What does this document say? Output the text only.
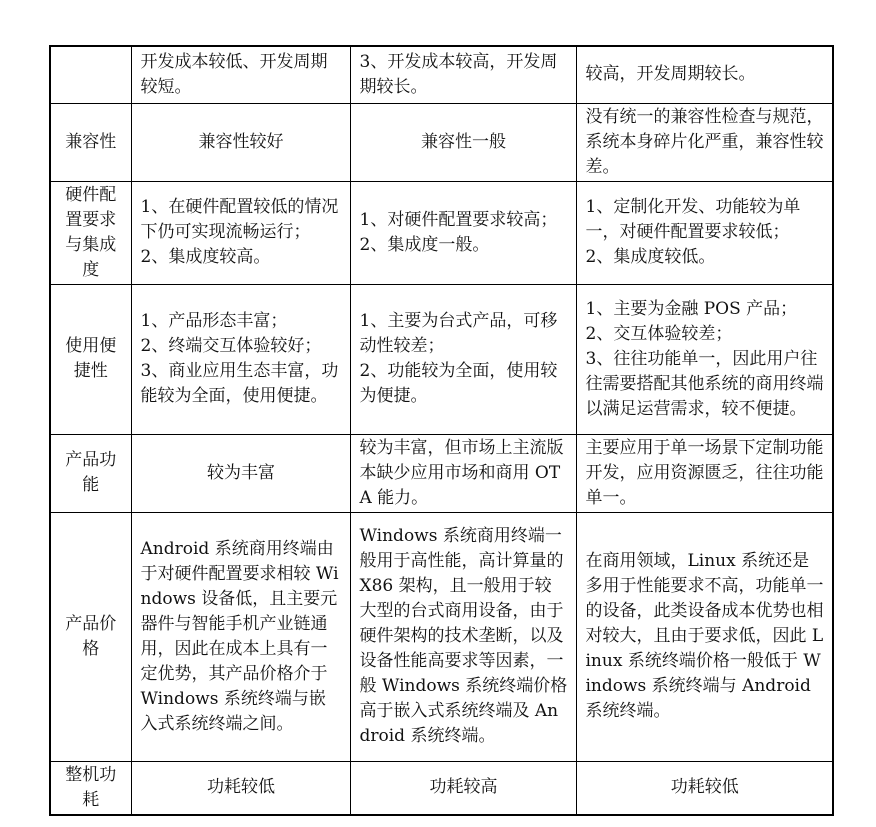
	开发成本较低、开发周期较短。	3、开发成本较高，开发周期较长。	较高，开发周期较长。
兼容性	兼容性较好	兼容性一般	没有统一的兼容性检查与规范，系统本身碎片化严重，兼容性较差。
硬件配置要求与集成度	1、在硬件配置较低的情况下仍可实现流畅运行；
2、集成度较高。	1、对硬件配置要求较高；
2、集成度一般。	1、定制化开发、功能较为单一，对硬件配置要求较低；
2、集成度较低。
使用便捷性	1、产品形态丰富；
2、终端交互体验较好；
3、商业应用生态丰富，功能较为全面，使用便捷。	1、主要为台式产品，可移动性较差；
2、功能较为全面，使用较为便捷。	1、主要为金融 POS 产品；
2、交互体验较差；
3、往往功能单一，因此用户往往需要搭配其他系统的商用终端以满足运营需求，较不便捷。
产品功能	较为丰富	较为丰富，但市场上主流版本缺少应用市场和商用 OTA 能力。	主要应用于单一场景下定制功能开发，应用资源匮乏，往往功能单一。
产品价格	Android 系统商用终端由于对硬件配置要求相较 Windows 设备低，且主要元器件与智能手机产业链通用，因此在成本上具有一定优势，其产品价格介于 Windows 系统终端与嵌入式系统终端之间。	Windows 系统商用终端一般用于高性能，高计算量的 X86 架构，且一般用于较大型的台式商用设备，由于硬件架构的技术垄断，以及设备性能高要求等因素，一般 Windows 系统终端价格高于嵌入式系统终端及 Android 系统终端。	在商用领域，Linux 系统还是多用于性能要求不高，功能单一的设备，此类设备成本优势也相对较大，且由于要求低，因此 Linux 系统终端价格一般低于 Windows 系统终端与 Android 系统终端。
整机功耗	功耗较低	功耗较高	功耗较低
